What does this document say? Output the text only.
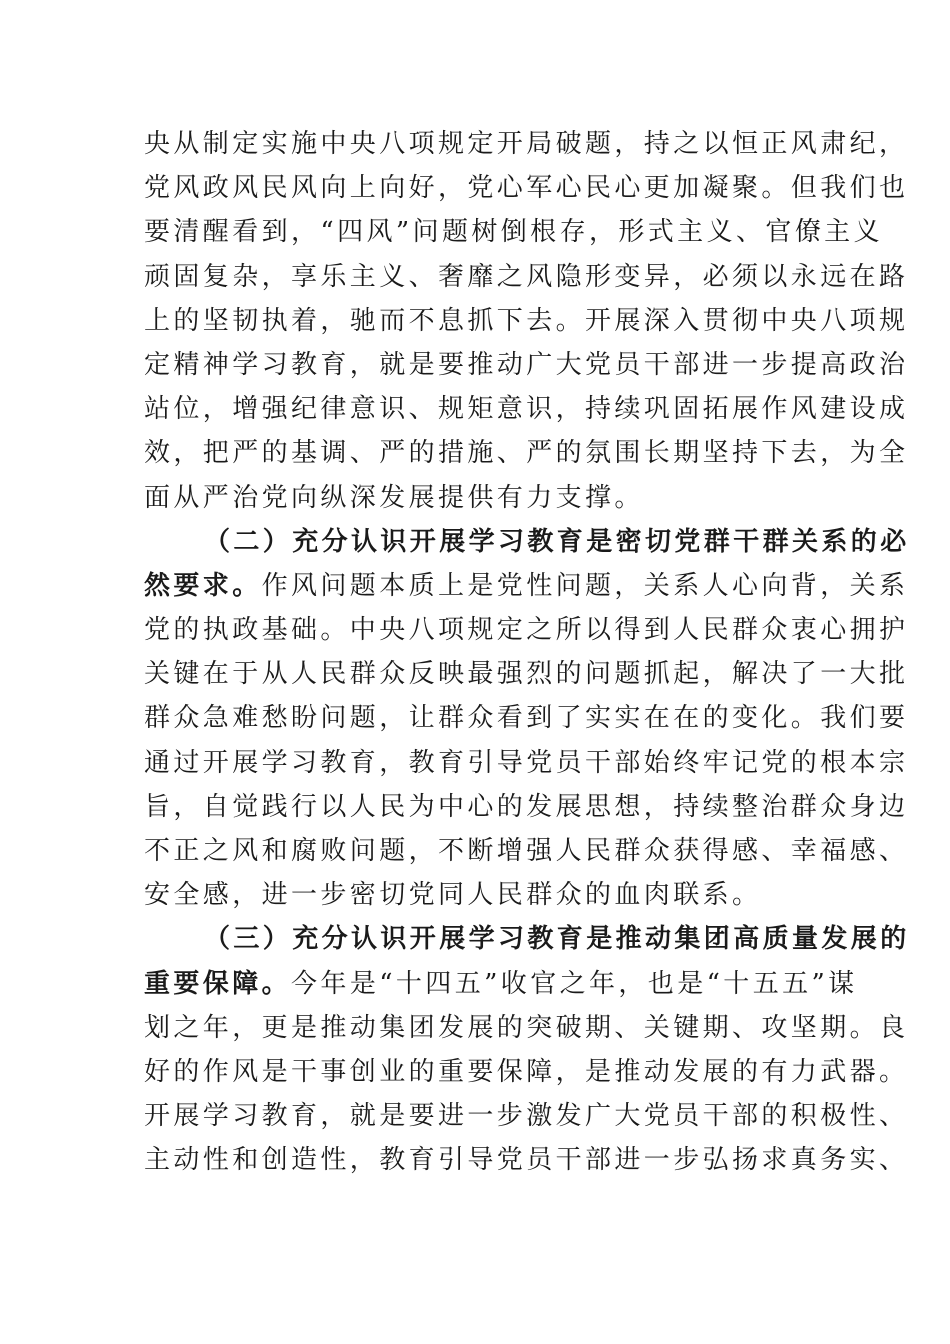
央从制定实施中央八项规定开局破题，持之以恒正风肃纪，
党风政风民风向上向好，党心军心民心更加凝聚。但我们也
要清醒看到，“四风”问题树倒根存，形式主义、官僚主义
顽固复杂，享乐主义、奢靡之风隐形变异，必须以永远在路
上的坚韧执着，驰而不息抓下去。开展深入贯彻中央八项规
定精神学习教育，就是要推动广大党员干部进一步提高政治
站位，增强纪律意识、规矩意识，持续巩固拓展作风建设成
效，把严的基调、严的措施、严的氛围长期坚持下去，为全
面从严治党向纵深发展提供有力支撑。
（二）充分认识开展学习教育是密切党群干群关系的必
然要求。作风问题本质上是党性问题，关系人心向背，关系
党的执政基础。中央八项规定之所以得到人民群众衷心拥护
关键在于从人民群众反映最强烈的问题抓起，解决了一大批
群众急难愁盼问题，让群众看到了实实在在的变化。我们要
通过开展学习教育，教育引导党员干部始终牢记党的根本宗
旨，自觉践行以人民为中心的发展思想，持续整治群众身边
不正之风和腐败问题，不断增强人民群众获得感、幸福感、
安全感，进一步密切党同人民群众的血肉联系。
（三）充分认识开展学习教育是推动集团高质量发展的
重要保障。今年是“十四五”收官之年，也是“十五五”谋
划之年，更是推动集团发展的突破期、关键期、攻坚期。良
好的作风是干事创业的重要保障，是推动发展的有力武器。
开展学习教育，就是要进一步激发广大党员干部的积极性、
主动性和创造性，教育引导党员干部进一步弘扬求真务实、
